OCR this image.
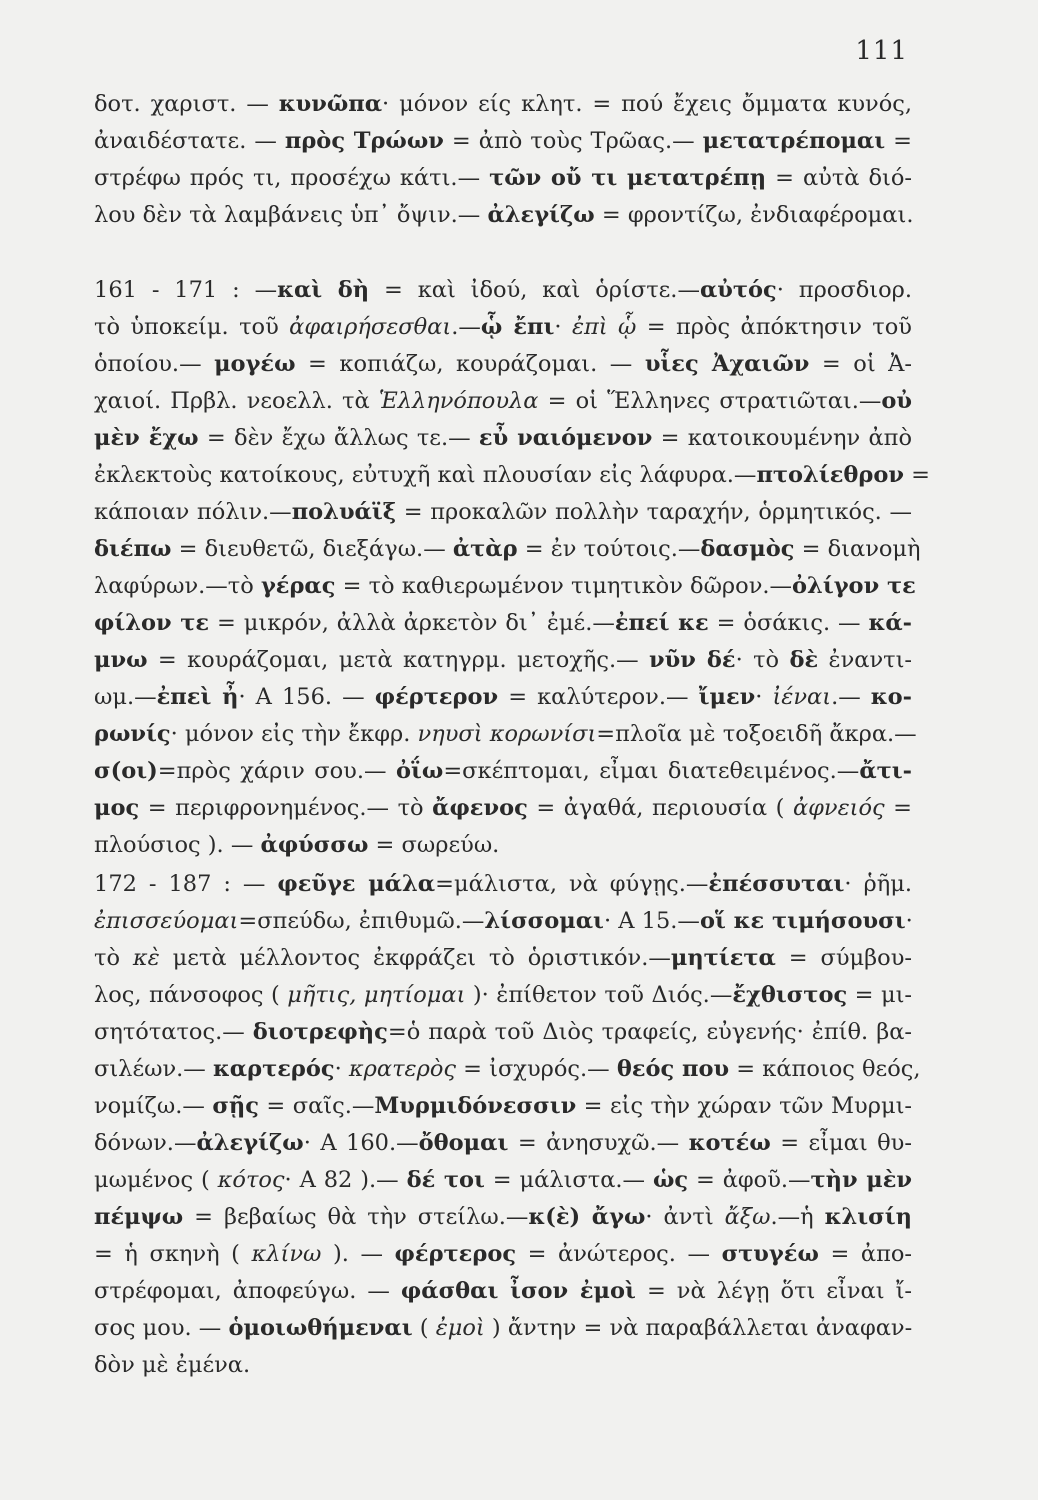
111
δοτ. χαριστ. — κυνῶπα· μόνον είς κλητ. = πού ἔχεις ὄμματα κυνός,
ἀναιδέστατε. — πρὸς Τρώων = ἀπὸ τοὺς Τρῶας.— μετατρέπομαι =
στρέφω πρός τι, προσέχω κάτι.— τῶν οὔ τι μετατρέπῃ = αὐτὰ διό-
λου δὲν τὰ λαμβάνεις ὑπ᾽ ὄψιν.— ἀλεγίζω = φροντίζω, ἐνδιαφέρομαι.
161 - 171 : —καὶ δὴ = καὶ ἰδού, καὶ ὁρίστε.—αὐτός· προσδιορ.
τὸ ὑποκείμ. τοῦ ἀφαιρήσεσθαι.—ᾧ ἔπι· ἐπὶ ᾧ = πρὸς ἀπόκτησιν τοῦ
ὁποίου.— μογέω = κοπιάζω, κουράζομαι. — υἷες Ἀχαιῶν = οἱ Ἀ-
χαιοί. Πρβλ. νεοελλ. τὰ Ἑλληνόπουλα = οἱ Ἕλληνες στρατιῶται.—οὐ
μὲν ἔχω = δὲν ἔχω ἄλλως τε.— εὖ ναιόμενον = κατοικουμένην ἀπὸ
ἐκλεκτοὺς κατοίκους, εὐτυχῆ καὶ πλουσίαν εἰς λάφυρα.—πτολίεθρον =
κάποιαν πόλιν.—πολυάϊξ = προκαλῶν πολλὴν ταραχήν, ὁρμητικός. —
διέπω = διευθετῶ, διεξάγω.— ἀτὰρ = ἐν τούτοις.—δασμὸς = διανομὴ
λαφύρων.—τὸ γέρας = τὸ καθιερωμένον τιμητικὸν δῶρον.—ὀλίγον τε
φίλον τε = μικρόν, ἀλλὰ ἀρκετὸν δι᾽ ἐμέ.—ἐπεί κε = ὁσάκις. — κά-
μνω = κουράζομαι, μετὰ κατηγρμ. μετοχῆς.— νῦν δέ· τὸ δὲ ἐναντι-
ωμ.—ἐπεὶ ἦ· Α 156. — φέρτερον = καλύτερον.— ἴμεν· ἰέναι.— κο-
ρωνίς· μόνον εἰς τὴν ἔκφρ. νηυσὶ κορωνίσι=πλοῖα μὲ τοξοειδῆ ἄκρα.—
σ(οι)=πρὸς χάριν σου.— ὀΐω=σκέπτομαι, εἶμαι διατεθειμένος.—ἄτι-
μος = περιφρονημένος.— τὸ ἄφενος = ἀγαθά, περιουσία ( ἀφνειός =
πλούσιος ). — ἀφύσσω = σωρεύω.
172 - 187 : — φεῦγε μάλα=μάλιστα, νὰ φύγῃς.—ἐπέσσυται· ῥῆμ.
ἐπισσεύομαι=σπεύδω, ἐπιθυμῶ.—λίσσομαι· Α 15.—οἵ κε τιμήσουσι·
τὸ κὲ μετὰ μέλλοντος ἐκφράζει τὸ ὁριστικόν.—μητίετα = σύμβου-
λος, πάνσοφος ( μῆτις, μητίομαι )· ἐπίθετον τοῦ Διός.—ἔχθιστος = μι-
σητότατος.— διοτρεφὴς=ὁ παρὰ τοῦ Διὸς τραφείς, εὐγενής· ἐπίθ. βα-
σιλέων.— καρτερός· κρατερὸς = ἰσχυρός.— θεός που = κάποιος θεός,
νομίζω.— σῇς = σαῖς.—Μυρμιδόνεσσιν = εἰς τὴν χώραν τῶν Μυρμι-
δόνων.—ἀλεγίζω· Α 160.—ὄθομαι = ἀνησυχῶ.— κοτέω = εἶμαι θυ-
μωμένος ( κότος· Α 82 ).— δέ τοι = μάλιστα.— ὡς = ἀφοῦ.—τὴν μὲν
πέμψω = βεβαίως θὰ τὴν στείλω.—κ(ὲ) ἄγω· ἀντὶ ἄξω.—ἡ κλισίη
= ἡ σκηνὴ ( κλίνω ). — φέρτερος = ἀνώτερος. — στυγέω = ἀπο-
στρέφομαι, ἀποφεύγω. — φάσθαι ἶσον ἐμοὶ = νὰ λέγῃ ὅτι εἶναι ἴ-
σος μου. — ὁμοιωθήμεναι ( ἐμοὶ ) ἄντην = νὰ παραβάλλεται ἀναφαν-
δὸν μὲ ἐμένα.
